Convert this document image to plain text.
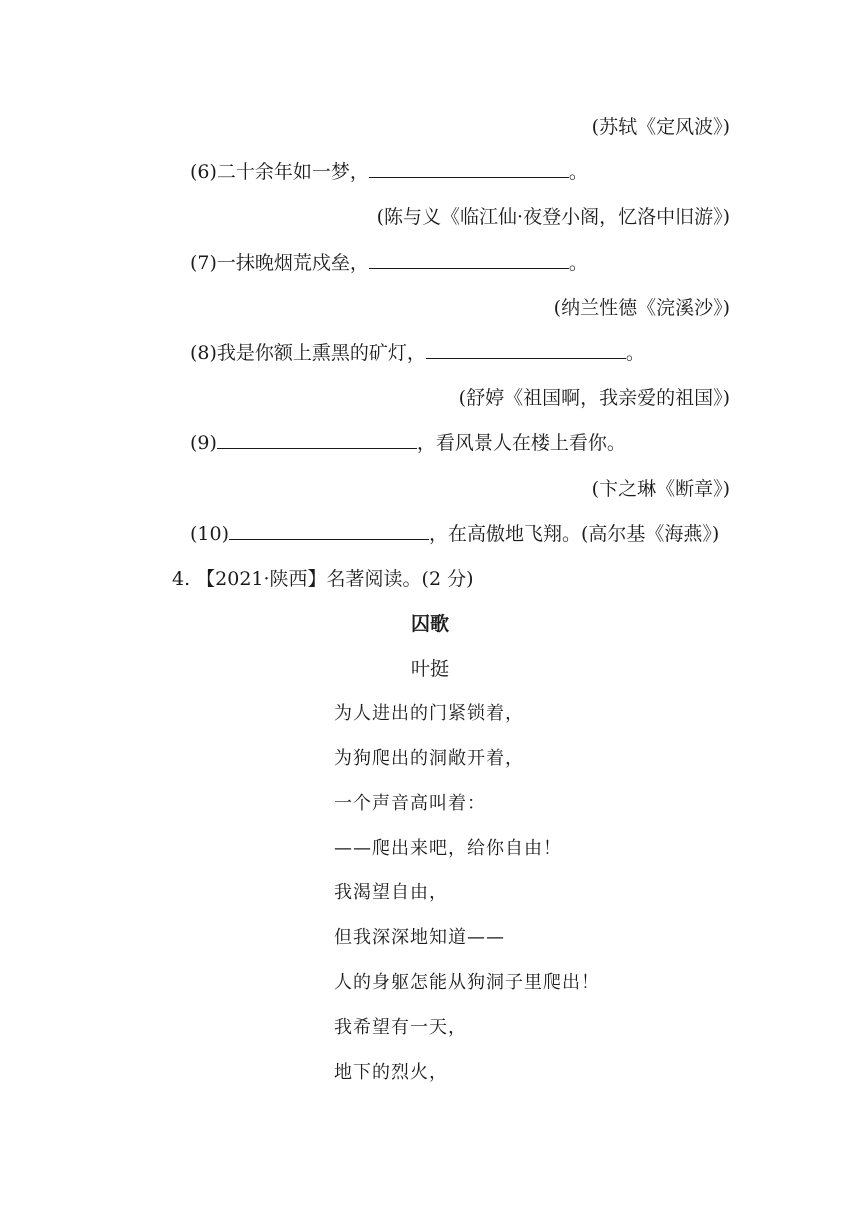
(苏轼《定风波》)
(6)二十余年如一梦，	。
(陈与义《临江仙·夜登小阁，忆洛中旧游》)
(7)一抹晚烟荒戍垒，	。
(纳兰性德《浣溪沙》)
(8)我是你额上熏黑的矿灯，	。
(舒婷《祖国啊，我亲爱的祖国》)
(9)	，看风景人在楼上看你。
(卞之琳《断章》)
(10)	，在高傲地飞翔。(高尔基《海燕》)
4. 【2021·陕西】名著阅读。(2 分)
囚歌
叶挺
为人进出的门紧锁着，
为狗爬出的洞敞开着，
一个声音高叫着：
——爬出来吧，给你自由！
我渴望自由，
但我深深地知道——
人的身躯怎能从狗洞子里爬出！
我希望有一天，
地下的烈火，
